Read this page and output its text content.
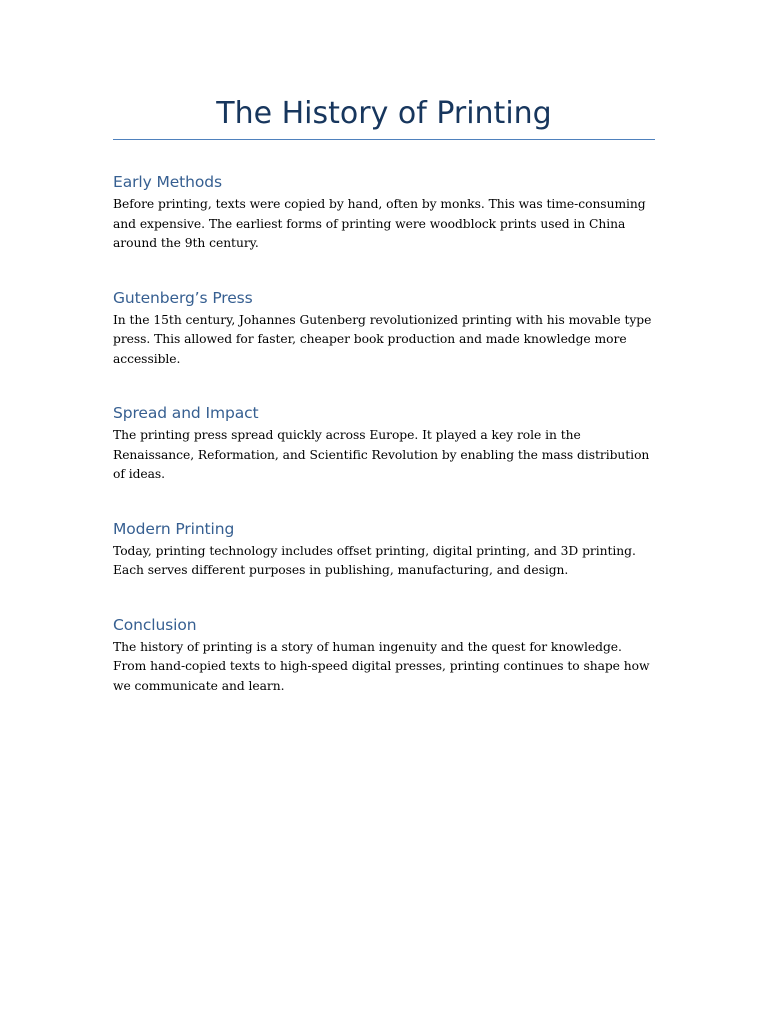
The History of Printing
Early Methods

Before printing, texts were copied by hand, often by monks. This was time-consuming and expensive. The earliest forms of printing were woodblock prints used in China around the 9th century.

Gutenberg’s Press

In the 15th century, Johannes Gutenberg revolutionized printing with his movable type press. This allowed for faster, cheaper book production and made knowledge more accessible.

Spread and Impact

The printing press spread quickly across Europe. It played a key role in the Renaissance, Reformation, and Scientific Revolution by enabling the mass distribution of ideas.

Modern Printing

Today, printing technology includes offset printing, digital printing, and 3D printing. Each serves different purposes in publishing, manufacturing, and design.

Conclusion

The history of printing is a story of human ingenuity and the quest for knowledge. From hand-copied texts to high-speed digital presses, printing continues to shape how we communicate and learn.
